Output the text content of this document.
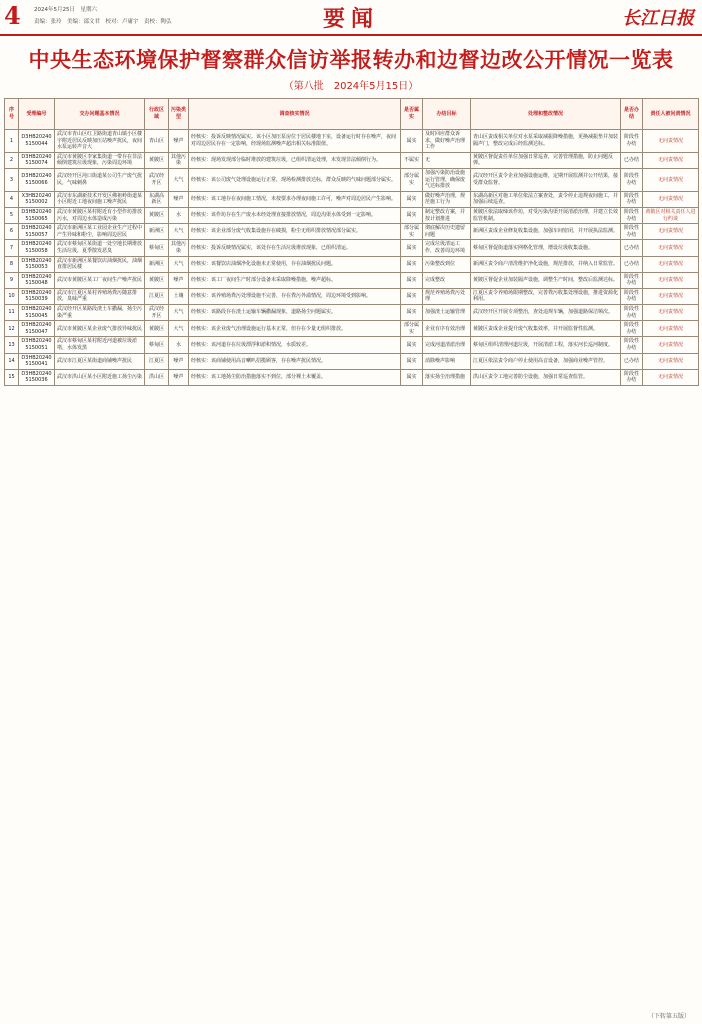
4 2024年5月25日　星期六
责编：张玲　美编：邵文君　校对：卢庸宇　责校：陶弘	要闻	长江日报
中央生态环境保护督察群众信访举报转办和边督边改公开情况一览表
（第八批　2024年5月15日）
序号	受理编号	交办问题基本情况	行政区域	污染类型	调查核实情况	是否属实	办结目标	处理和整改情况	是否办结	责任人被问责情况
1	D3HB202405150044	武汉市青山区红卫路街道青山镇小区楼宇附近居民反映加压站噪声扰民，夜间水泵运转声音大	青山区	噪声	经核实：投诉反映情况属实。该小区加压泵房位于居民楼地下室，设备运行时存在噪声，夜间对周边居民存在一定影响，经现场监测噪声超出相关标准限值。	属实	及时回应群众诉求，做好噪声治理工作	青山区责成相关单位对水泵采取减振降噪措施，更换减振垫并加装隔声门，整改完成后经监测达标。	阶段性办结	无问责情况
2	D3HB202405150074	武汉市黄陂区李家集街道一带存在非法倾倒建筑垃圾现象，污染周边环境	黄陂区	其他污染	经核实：现场发现部分临时堆放的建筑垃圾，已组织清运处理，未发现非法倾倒行为。	不属实	无	黄陂区督促责任单位加强日常巡查，完善管理措施，防止问题反弹。	已办结	无问责情况
3	D3HB202405150066	武汉经开区沌口街道某公司生产废气扰民，气味刺鼻	武汉经开区	大气	经核实：该公司废气处理设施运行正常，现场检测排放达标，群众反映的气味问题部分属实。	部分属实	加强污染防治设施运行管理，确保废气达标排放	武汉经开区责令企业加强设施运维，定期开展监测并公开结果，接受群众监督。	阶段性办结	无问责情况
4	X3HB202405150002	武汉市东湖新技术开发区佛祖岭街道某小区附近工地夜间施工噪声扰民	东湖高新区	噪声	经核实：该工地存在夜间施工情况，未按要求办理夜间施工许可，噪声对周边居民产生影响。	属实	做好噪声治理，规范施工行为	东湖高新区对施工单位依法立案查处，责令停止违规夜间施工，并加强后续巡查。	阶段性办结	无问责情况
5	D3HB202405150065	武汉市黄陂区某村附近有小型作坊排放污水，对周边水体造成污染	黄陂区	水	经核实：该作坊存在生产废水未经处理直接排放情况，周边沟渠水体受到一定影响。	属实	制定整改方案，并按计划推进	黄陂区依法取缔该作坊，对受污染沟渠开展清淤治理，并建立长效监管机制。	阶段性办结	黄陂区对相关责任人进行约谈
6	D3HB202405150057	武汉市新洲区某工业园企业生产过程中产生异味和粉尘，影响周边居民	新洲区	大气	经核实：该企业部分废气收集设施存在破损，粉尘无组织排放情况部分属实。	部分属实	彻底解决历史遗留问题	新洲区责成企业修复收集设施，加强车间密闭，并开展执法监测。	阶段性办结	无问责情况
7	D3HB202405150058	武汉市蔡甸区某街道一处空地长期堆放生活垃圾，夏季散发恶臭	蔡甸区	其他污染	经核实：投诉反映情况属实，该处存在生活垃圾堆放现象，已组织清运。	属实	完成垃圾清运工作，改善周边环境	蔡甸区督促街道落实网格化管理，增设垃圾收集设施。	已办结	无问责情况
8	D3HB202405150053	武汉市新洲区某餐饮店油烟扰民，油烟直排居民楼	新洲区	大气	经核实：该餐饮店油烟净化设施未正常使用，存在油烟扰民问题。	属实	污染整改到位	新洲区责令商户清洗维护净化设施，规范排放，并纳入日常监管。	已办结	无问责情况
9	D3HB202405150048	武汉市黄陂区某工厂夜间生产噪声扰民	黄陂区	噪声	经核实：该工厂夜间生产时部分设备未采取降噪措施，噪声超标。	属实	完成整改	黄陂区督促企业加装隔声设施，调整生产时间，整改后监测达标。	阶段性办结	无问责情况
10	D3HB202405150039	武汉市江夏区某村养殖场粪污随意排放，臭味严重	江夏区	土壤	经核实：该养殖场粪污处理设施不完善，存在粪污外溢情况，周边环境受到影响。	属实	规范养殖场粪污处理	江夏区责令养殖场限期整改，完善粪污收集处理设施，推进资源化利用。	阶段性办结	无问责情况
11	D3HB202405150045	武汉经开区某路段渣土车撒漏，扬尘污染严重	武汉经开区	大气	经核实：该路段存在渣土运输车辆撒漏现象，道路扬尘问题属实。	属实	加强渣土运输管理	武汉经开区开展专项整治，查处违规车辆，加强道路保洁频次。	阶段性办结	无问责情况
12	D3HB202405150047	武汉市黄陂区某企业废气排放异味扰民	黄陂区	大气	经核实：该企业废气治理设施运行基本正常，但存在少量无组织排放。	部分属实	企业有序有效治理	黄陂区责成企业提升废气收集效率，并开展监督性监测。	阶段性办结	无问责情况
13	D3HB202405150051	武汉市蔡甸区某村附近河道被垃圾淤堵，水体发黑	蔡甸区	水	经核实：该河道存在垃圾漂浮和淤积情况，水质较差。	属实	完成河道清淤治理	蔡甸区组织清理河道垃圾，开展清淤工程，落实河长巡河制度。	阶段性办结	无问责情况
14	D3HB202405150041	武汉市江夏区某街道商铺噪声扰民	江夏区	噪声	经核实：该商铺使用高音喇叭招揽顾客，存在噪声扰民情况。	属实	消除噪声影响	江夏区依法责令商户停止使用高音设备，加强商业噪声管控。	已办结	无问责情况
15	D3HB202405150036	武汉市洪山区某小区附近施工扬尘污染	洪山区	噪声	经核实：该工地扬尘防治措施落实不到位，部分裸土未覆盖。	属实	落实扬尘治理措施	洪山区责令工地完善防尘设施，加强日常巡查监管。	阶段性办结	无问责情况
（下转第五版）
